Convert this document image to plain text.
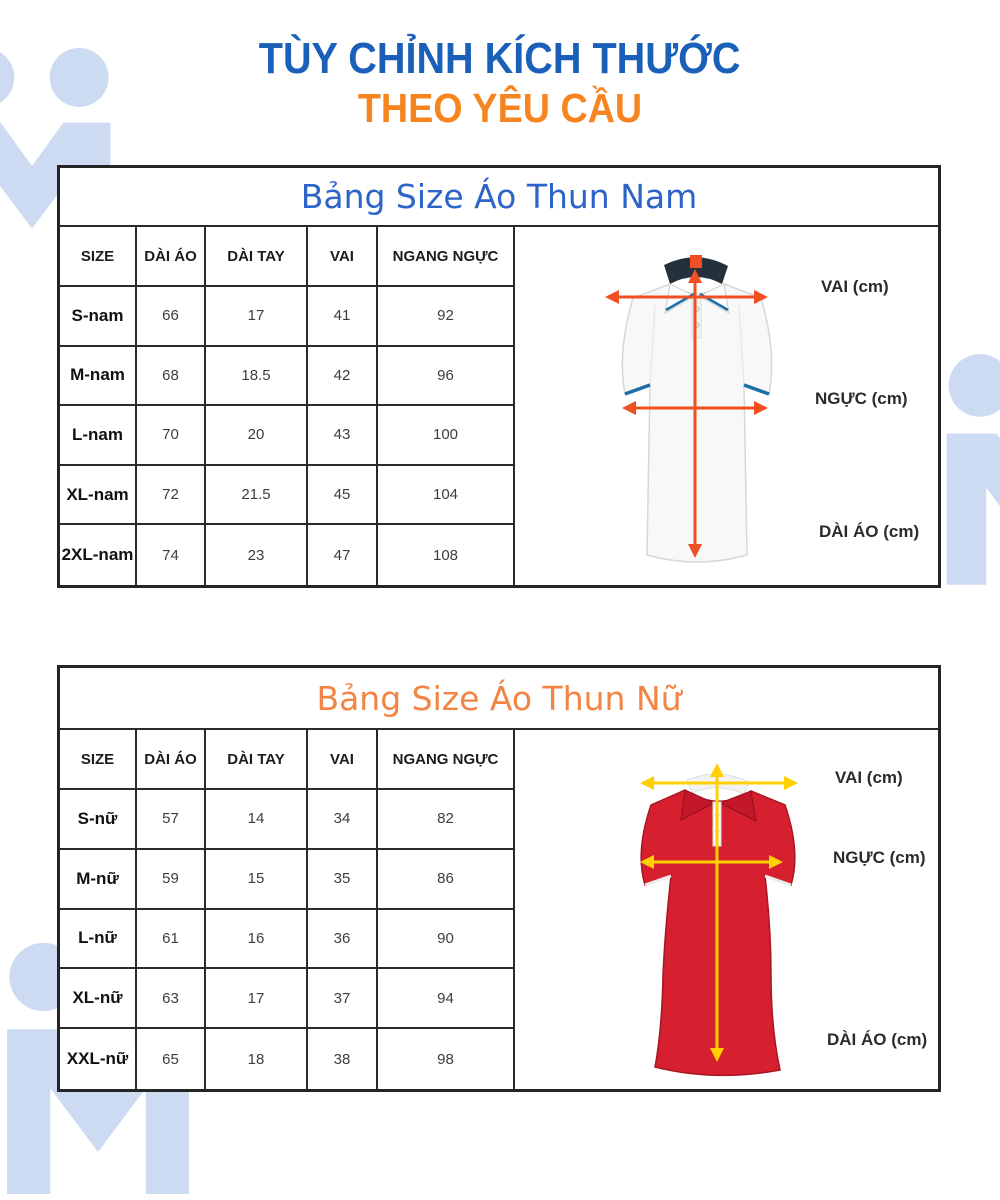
TÙY CHỈNH KÍCH THƯỚC
THEO YÊU CẦU
Bảng Size Áo Thun Nam
SIZE	DÀI ÁO	DÀI TAY	VAI	NGANG NGỰC
S-nam	66	17	41	92
M-nam	68	18.5	42	96
L-nam	70	20	43	100
XL-nam	72	21.5	45	104
2XL-nam	74	23	47	108
VAI (cm)
NGỰC (cm)
DÀI ÁO (cm)
Bảng Size Áo Thun Nữ
SIZE	DÀI ÁO	DÀI TAY	VAI	NGANG NGỰC
S-nữ	57	14	34	82
M-nữ	59	15	35	86
L-nữ	61	16	36	90
XL-nữ	63	17	37	94
XXL-nữ	65	18	38	98
VAI (cm)
NGỰC (cm)
DÀI ÁO (cm)
